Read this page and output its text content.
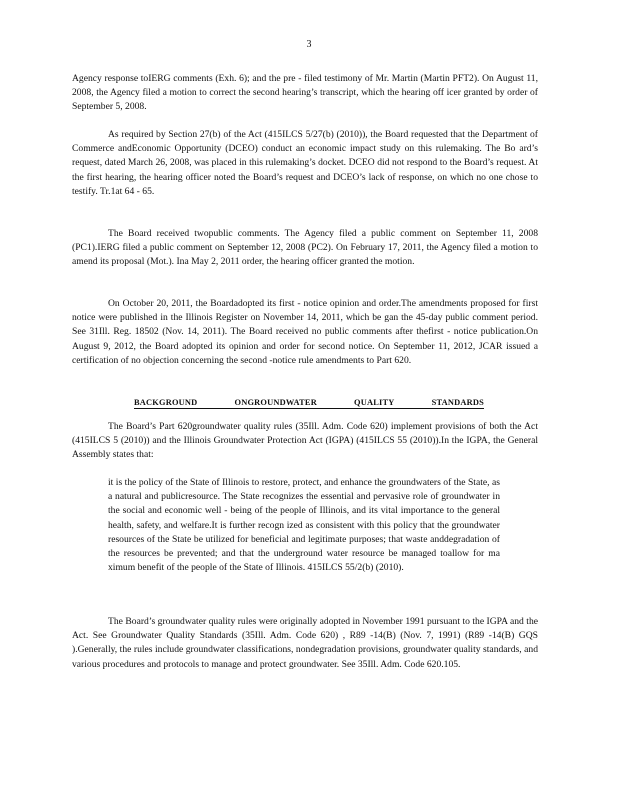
3

Agency response toIERG comments (Exh. 6); and the pre - filed testimony of Mr. Martin (Martin PFT2). On August 11, 2008, the Agency filed a motion to correct the second hearing’s transcript, which the hearing off icer granted by order of September 5, 2008.

As required by Section 27(b) of the Act (415ILCS 5/27(b) (2010)), the Board requested that the Department of Commerce andEconomic Opportunity (DCEO) conduct an economic impact study on this rulemaking. The Bo ard’s request, dated March 26, 2008, was placed in this rulemaking’s docket. DCEO did not respond to the Board’s request. At the first hearing, the hearing officer noted the Board’s request and DCEO’s lack of response, on which no one chose to testify. Tr.1at 64 - 65.

The Board received twopublic comments. The Agency filed a public comment on September 11, 2008 (PC1).IERG filed a public comment on September 12, 2008 (PC2). On February 17, 2011, the Agency filed a motion to amend its proposal (Mot.). Ina May 2, 2011 order, the hearing officer granted the motion.

On October 20, 2011, the Boardadopted its first - notice opinion and order.The amendments proposed for first notice were published in the Illinois Register on November 14, 2011, which be gan the 45-day public comment period. See 31Ill. Reg. 18502 (Nov. 14, 2011). The Board received no public comments after thefirst - notice publication.On August 9, 2012, the Board adopted its opinion and order for second notice. On September 11, 2012, JCAR issued a certification of no objection concerning the second -notice rule amendments to Part 620.

BACKGROUND	ONGROUNDWATER	QUALITY	STANDARDS

The Board’s Part 620groundwater quality rules (35Ill. Adm. Code 620) implement provisions of both the Act (415ILCS 5 (2010)) and the Illinois Groundwater Protection Act (IGPA) (415ILCS 55 (2010)).In the IGPA, the General Assembly states that:

it is the policy of the State of Illinois to restore, protect, and enhance the groundwaters of the State, as a natural and publicresource. The State recognizes the essential and pervasive role of groundwater in the social and economic well - being of the people of Illinois, and its vital importance to the general health, safety, and welfare.It is further recogn ized as consistent with this policy that the groundwater resources of the State be utilized for beneficial and legitimate purposes; that waste anddegradation of the resources be prevented; and that the underground water resource be managed toallow for ma ximum benefit of the people of the State of Illinois. 415ILCS 55/2(b) (2010).

The Board’s groundwater quality rules were originally adopted in November 1991 pursuant to the IGPA and the Act. See Groundwater Quality Standards (35Ill. Adm. Code 620) , R89 -14(B) (Nov. 7, 1991) (R89 -14(B) GQS ).Generally, the rules include groundwater classifications, nondegradation provisions, groundwater quality standards, and various procedures and protocols to manage and protect groundwater. See 35Ill. Adm. Code 620.105.
